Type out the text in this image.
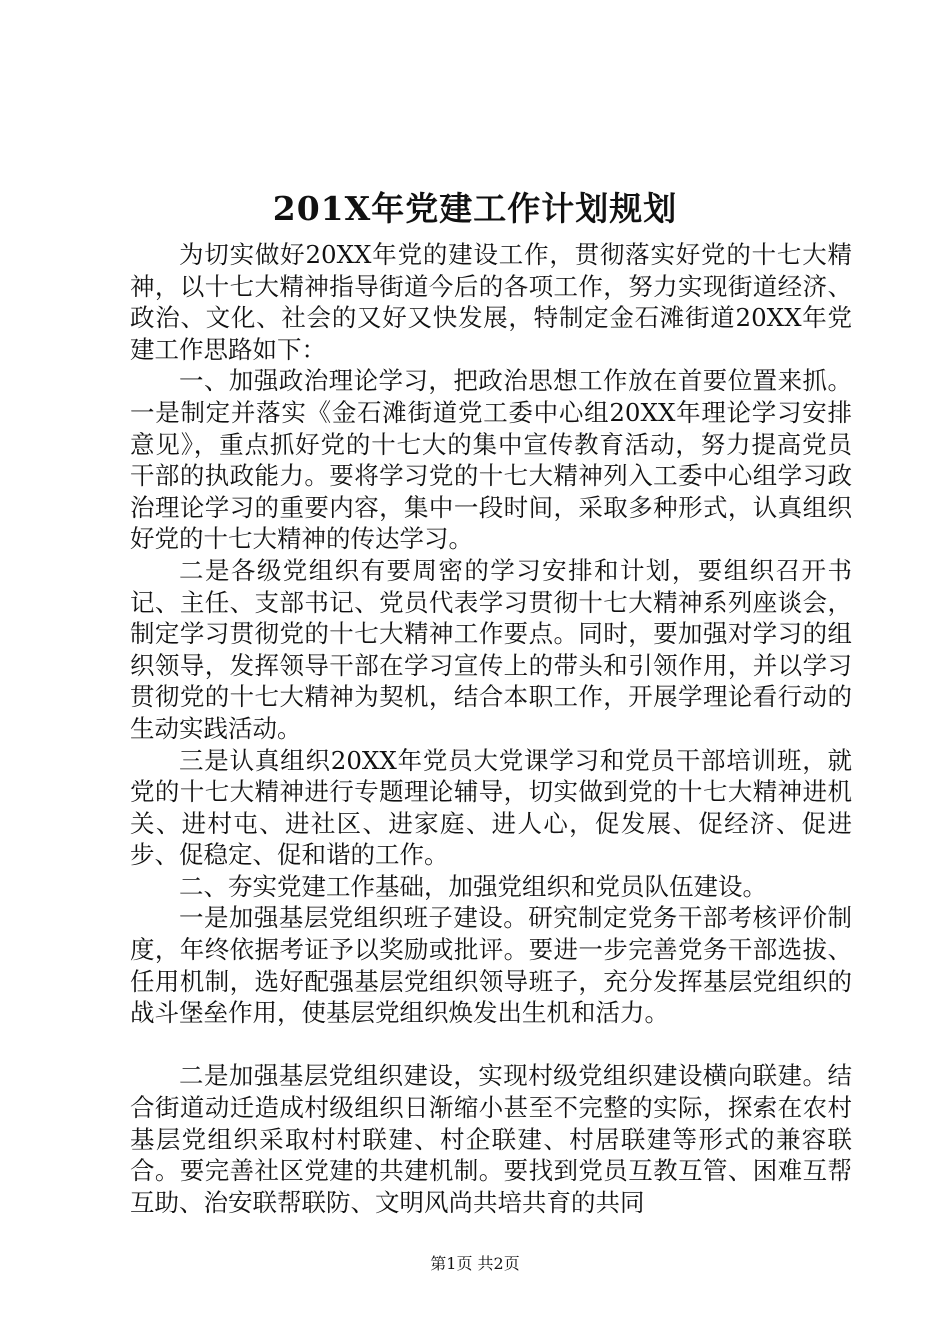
201X年党建工作计划规划

为切实做好20XX年党的建设工作，贯彻落实好党的十七大精神，以十七大精神指导街道今后的各项工作，努力实现街道经济、政治、文化、社会的又好又快发展，特制定金石滩街道20XX年党建工作思路如下：

一、加强政治理论学习，把政治思想工作放在首要位置来抓。一是制定并落实《金石滩街道党工委中心组20XX年理论学习安排意见》，重点抓好党的十七大的集中宣传教育活动，努力提高党员干部的执政能力。要将学习党的十七大精神列入工委中心组学习政治理论学习的重要内容，集中一段时间，采取多种形式，认真组织好党的十七大精神的传达学习。

二是各级党组织有要周密的学习安排和计划，要组织召开书记、主任、支部书记、党员代表学习贯彻十七大精神系列座谈会，制定学习贯彻党的十七大精神工作要点。同时，要加强对学习的组织领导，发挥领导干部在学习宣传上的带头和引领作用，并以学习贯彻党的十七大精神为契机，结合本职工作，开展学理论看行动的生动实践活动。

三是认真组织20XX年党员大党课学习和党员干部培训班，就党的十七大精神进行专题理论辅导，切实做到党的十七大精神进机关、进村屯、进社区、进家庭、进人心，促发展、促经济、促进步、促稳定、促和谐的工作。

二、夯实党建工作基础，加强党组织和党员队伍建设。

一是加强基层党组织班子建设。研究制定党务干部考核评价制度，年终依据考证予以奖励或批评。要进一步完善党务干部选拔、任用机制，选好配强基层党组织领导班子，充分发挥基层党组织的战斗堡垒作用，使基层党组织焕发出生机和活力。

二是加强基层党组织建设，实现村级党组织建设横向联建。结合街道动迁造成村级组织日渐缩小甚至不完整的实际，探索在农村基层党组织采取村村联建、村企联建、村居联建等形式的兼容联合。要完善社区党建的共建机制。要找到党员互教互管、困难互帮互助、治安联帮联防、文明风尚共培共育的共同

第1页 共2页
